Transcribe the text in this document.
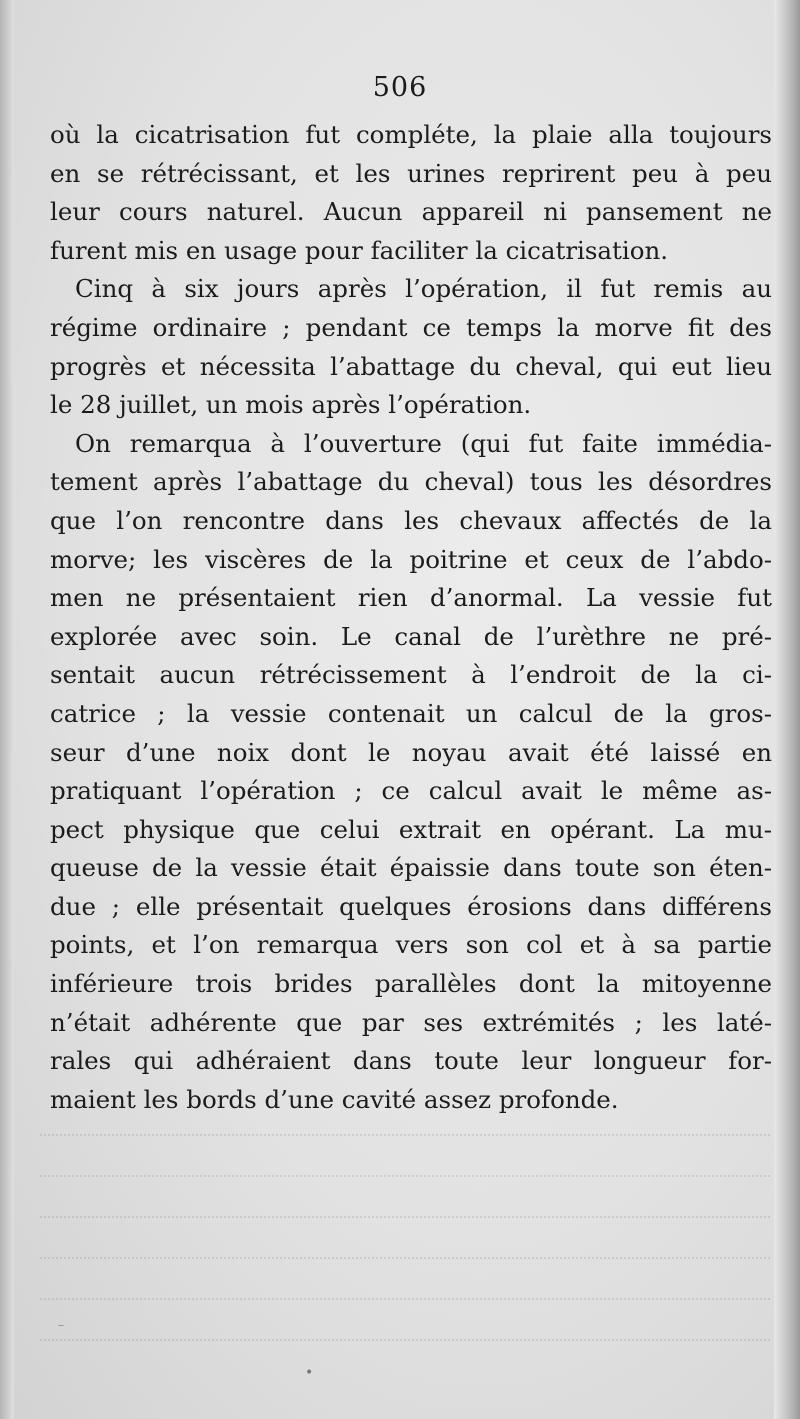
506
où la cicatrisation fut compléte, la plaie alla toujours
en se rétrécissant, et les urines reprirent peu à peu
leur cours naturel. Aucun appareil ni pansement ne
furent mis en usage pour faciliter la cicatrisation.
Cinq à six jours après l’opération, il fut remis au
régime ordinaire ; pendant ce temps la morve fit des
progrès et nécessita l’abattage du cheval, qui eut lieu
le 28 juillet, un mois après l’opération.
On remarqua à l’ouverture (qui fut faite immédia-
tement après l’abattage du cheval) tous les désordres
que l’on rencontre dans les chevaux affectés de la
morve; les viscères de la poitrine et ceux de l’abdo-
men ne présentaient rien d’anormal. La vessie fut
explorée avec soin. Le canal de l’urèthre ne pré-
sentait aucun rétrécissement à l’endroit de la ci-
catrice ; la vessie contenait un calcul de la gros-
seur d’une noix dont le noyau avait été laissé en
pratiquant l’opération ; ce calcul avait le même as-
pect physique que celui extrait en opérant. La mu-
queuse de la vessie était épaissie dans toute son éten-
due ; elle présentait quelques érosions dans différens
points, et l’on remarqua vers son col et à sa partie
inférieure trois brides parallèles dont la mitoyenne
n’était adhérente que par ses extrémités ; les laté-
rales qui adhéraient dans toute leur longueur for-
maient les bords d’une cavité assez profonde.
•
–
